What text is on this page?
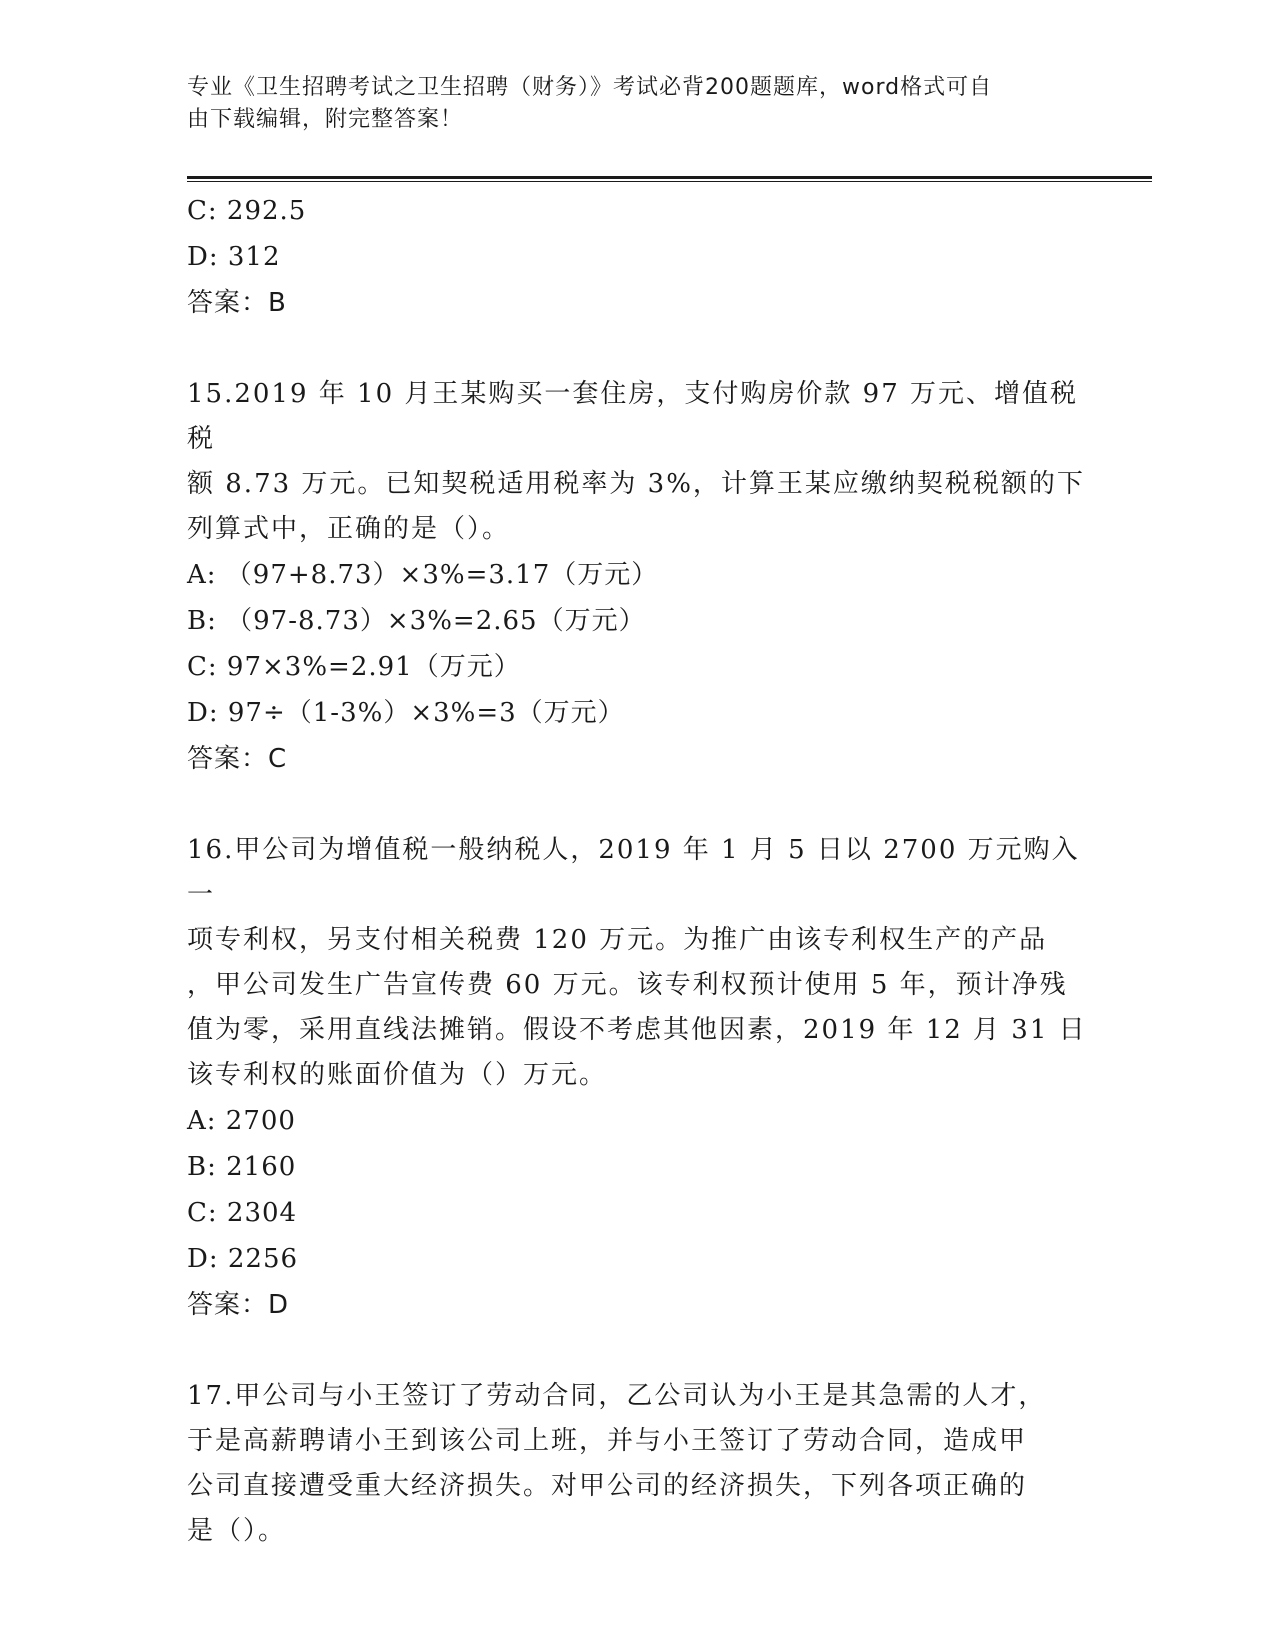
专业《卫生招聘考试之卫生招聘（财务）》考试必背200题题库，word格式可自
由下载编辑，附完整答案！
C: 292.5
D: 312
答案：B
15.2019 年 10 月王某购买一套住房，支付购房价款 97 万元、增值税税
额 8.73 万元。已知契税适用税率为 3%，计算王某应缴纳契税税额的下
列算式中，正确的是（）。
A: （97+8.73）×3%=3.17（万元）
B: （97-8.73）×3%=2.65（万元）
C: 97×3%=2.91（万元）
D: 97÷（1-3%）×3%=3（万元）
答案：C
16.甲公司为增值税一般纳税人，2019 年 1 月 5 日以 2700 万元购入一
项专利权，另支付相关税费 120 万元。为推广由该专利权生产的产品
，甲公司发生广告宣传费 60 万元。该专利权预计使用 5 年，预计净残
值为零，采用直线法摊销。假设不考虑其他因素，2019 年 12 月 31 日
该专利权的账面价值为（）万元。
A: 2700
B: 2160
C: 2304
D: 2256
答案：D
17.甲公司与小王签订了劳动合同，乙公司认为小王是其急需的人才，
于是高薪聘请小王到该公司上班，并与小王签订了劳动合同，造成甲
公司直接遭受重大经济损失。对甲公司的经济损失，下列各项正确的
是（）。
